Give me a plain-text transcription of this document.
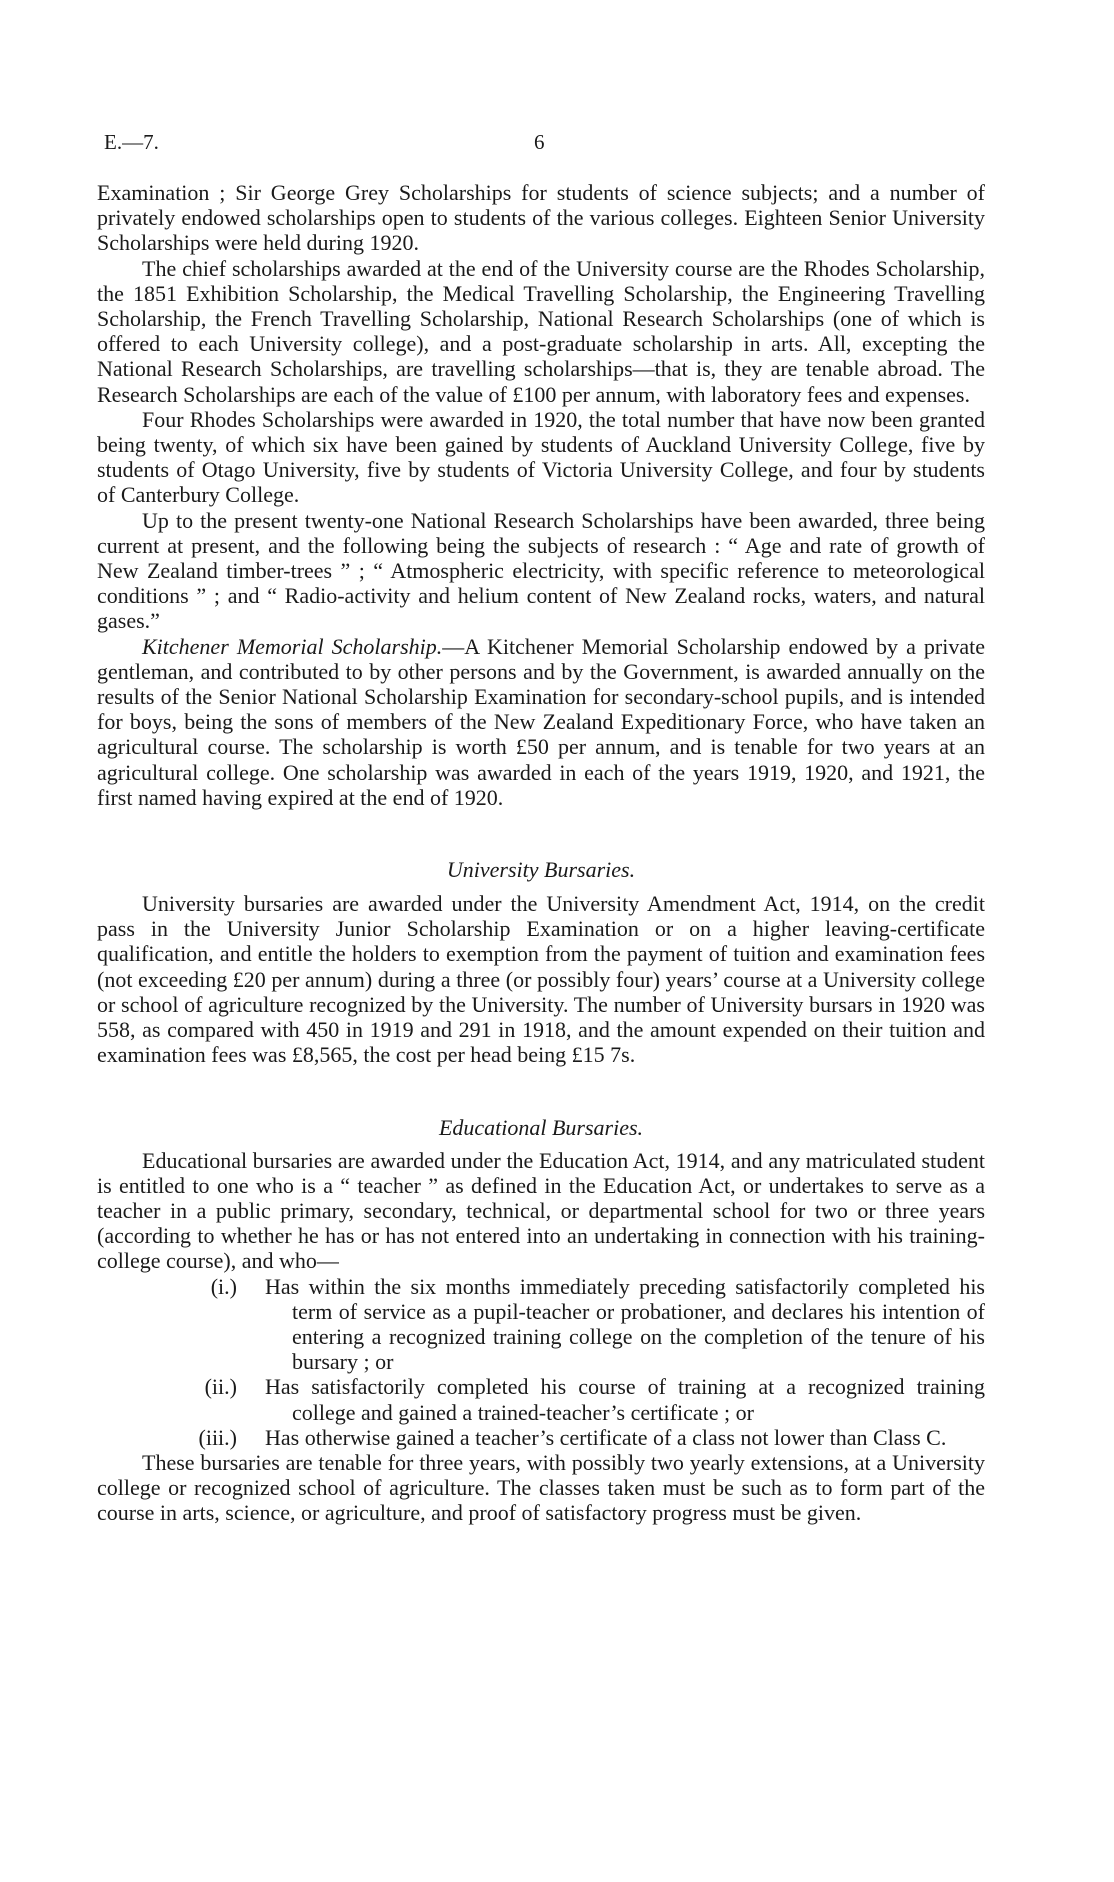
E.—7.	6

Examination ; Sir George Grey Scholarships for students of science subjects; and a number of privately endowed scholarships open to students of the various colleges. Eighteen Senior University Scholarships were held during 1920.

The chief scholarships awarded at the end of the University course are the Rhodes Scholarship, the 1851 Exhibition Scholarship, the Medical Travelling Scholarship, the Engineering Travelling Scholarship, the French Travelling Scholarship, National Research Scholarships (one of which is offered to each University college), and a post-graduate scholarship in arts. All, excepting the National Research Scholarships, are travelling scholarships—that is, they are tenable abroad. The Research Scholarships are each of the value of £100 per annum, with laboratory fees and expenses.

Four Rhodes Scholarships were awarded in 1920, the total number that have now been granted being twenty, of which six have been gained by students of Auckland University College, five by students of Otago University, five by students of Victoria University College, and four by students of Canterbury College.

Up to the present twenty-one National Research Scholarships have been awarded, three being current at present, and the following being the subjects of research : “ Age and rate of growth of New Zealand timber-trees ” ; “ Atmospheric electricity, with specific reference to meteorological conditions ” ; and “ Radio-activity and helium content of New Zealand rocks, waters, and natural gases.”

Kitchener Memorial Scholarship.—A Kitchener Memorial Scholarship endowed by a private gentleman, and contributed to by other persons and by the Government, is awarded annually on the results of the Senior National Scholarship Examination for secondary-school pupils, and is intended for boys, being the sons of members of the New Zealand Expeditionary Force, who have taken an agricultural course. The scholarship is worth £50 per annum, and is tenable for two years at an agricultural college. One scholarship was awarded in each of the years 1919, 1920, and 1921, the first named having expired at the end of 1920.

University Bursaries.

University bursaries are awarded under the University Amendment Act, 1914, on the credit pass in the University Junior Scholarship Examination or on a higher leaving-certificate qualification, and entitle the holders to exemption from the payment of tuition and examination fees (not exceeding £20 per annum) during a three (or possibly four) years’ course at a University college or school of agriculture recognized by the University. The number of University bursars in 1920 was 558, as compared with 450 in 1919 and 291 in 1918, and the amount expended on their tuition and examination fees was £8,565, the cost per head being £15 7s.

Educational Bursaries.

Educational bursaries are awarded under the Education Act, 1914, and any matriculated student is entitled to one who is a “ teacher ” as defined in the Education Act, or undertakes to serve as a teacher in a public primary, secondary, technical, or departmental school for two or three years (according to whether he has or has not entered into an undertaking in connection with his training-college course), and who—

(i.) Has within the six months immediately preceding satisfactorily completed his term of service as a pupil-teacher or probationer, and declares his intention of entering a recognized training college on the completion of the tenure of his bursary ; or
(ii.) Has satisfactorily completed his course of training at a recognized training college and gained a trained-teacher’s certificate ; or
(iii.) Has otherwise gained a teacher’s certificate of a class not lower than Class C.

These bursaries are tenable for three years, with possibly two yearly extensions, at a University college or recognized school of agriculture. The classes taken must be such as to form part of the course in arts, science, or agriculture, and proof of satisfactory progress must be given.
